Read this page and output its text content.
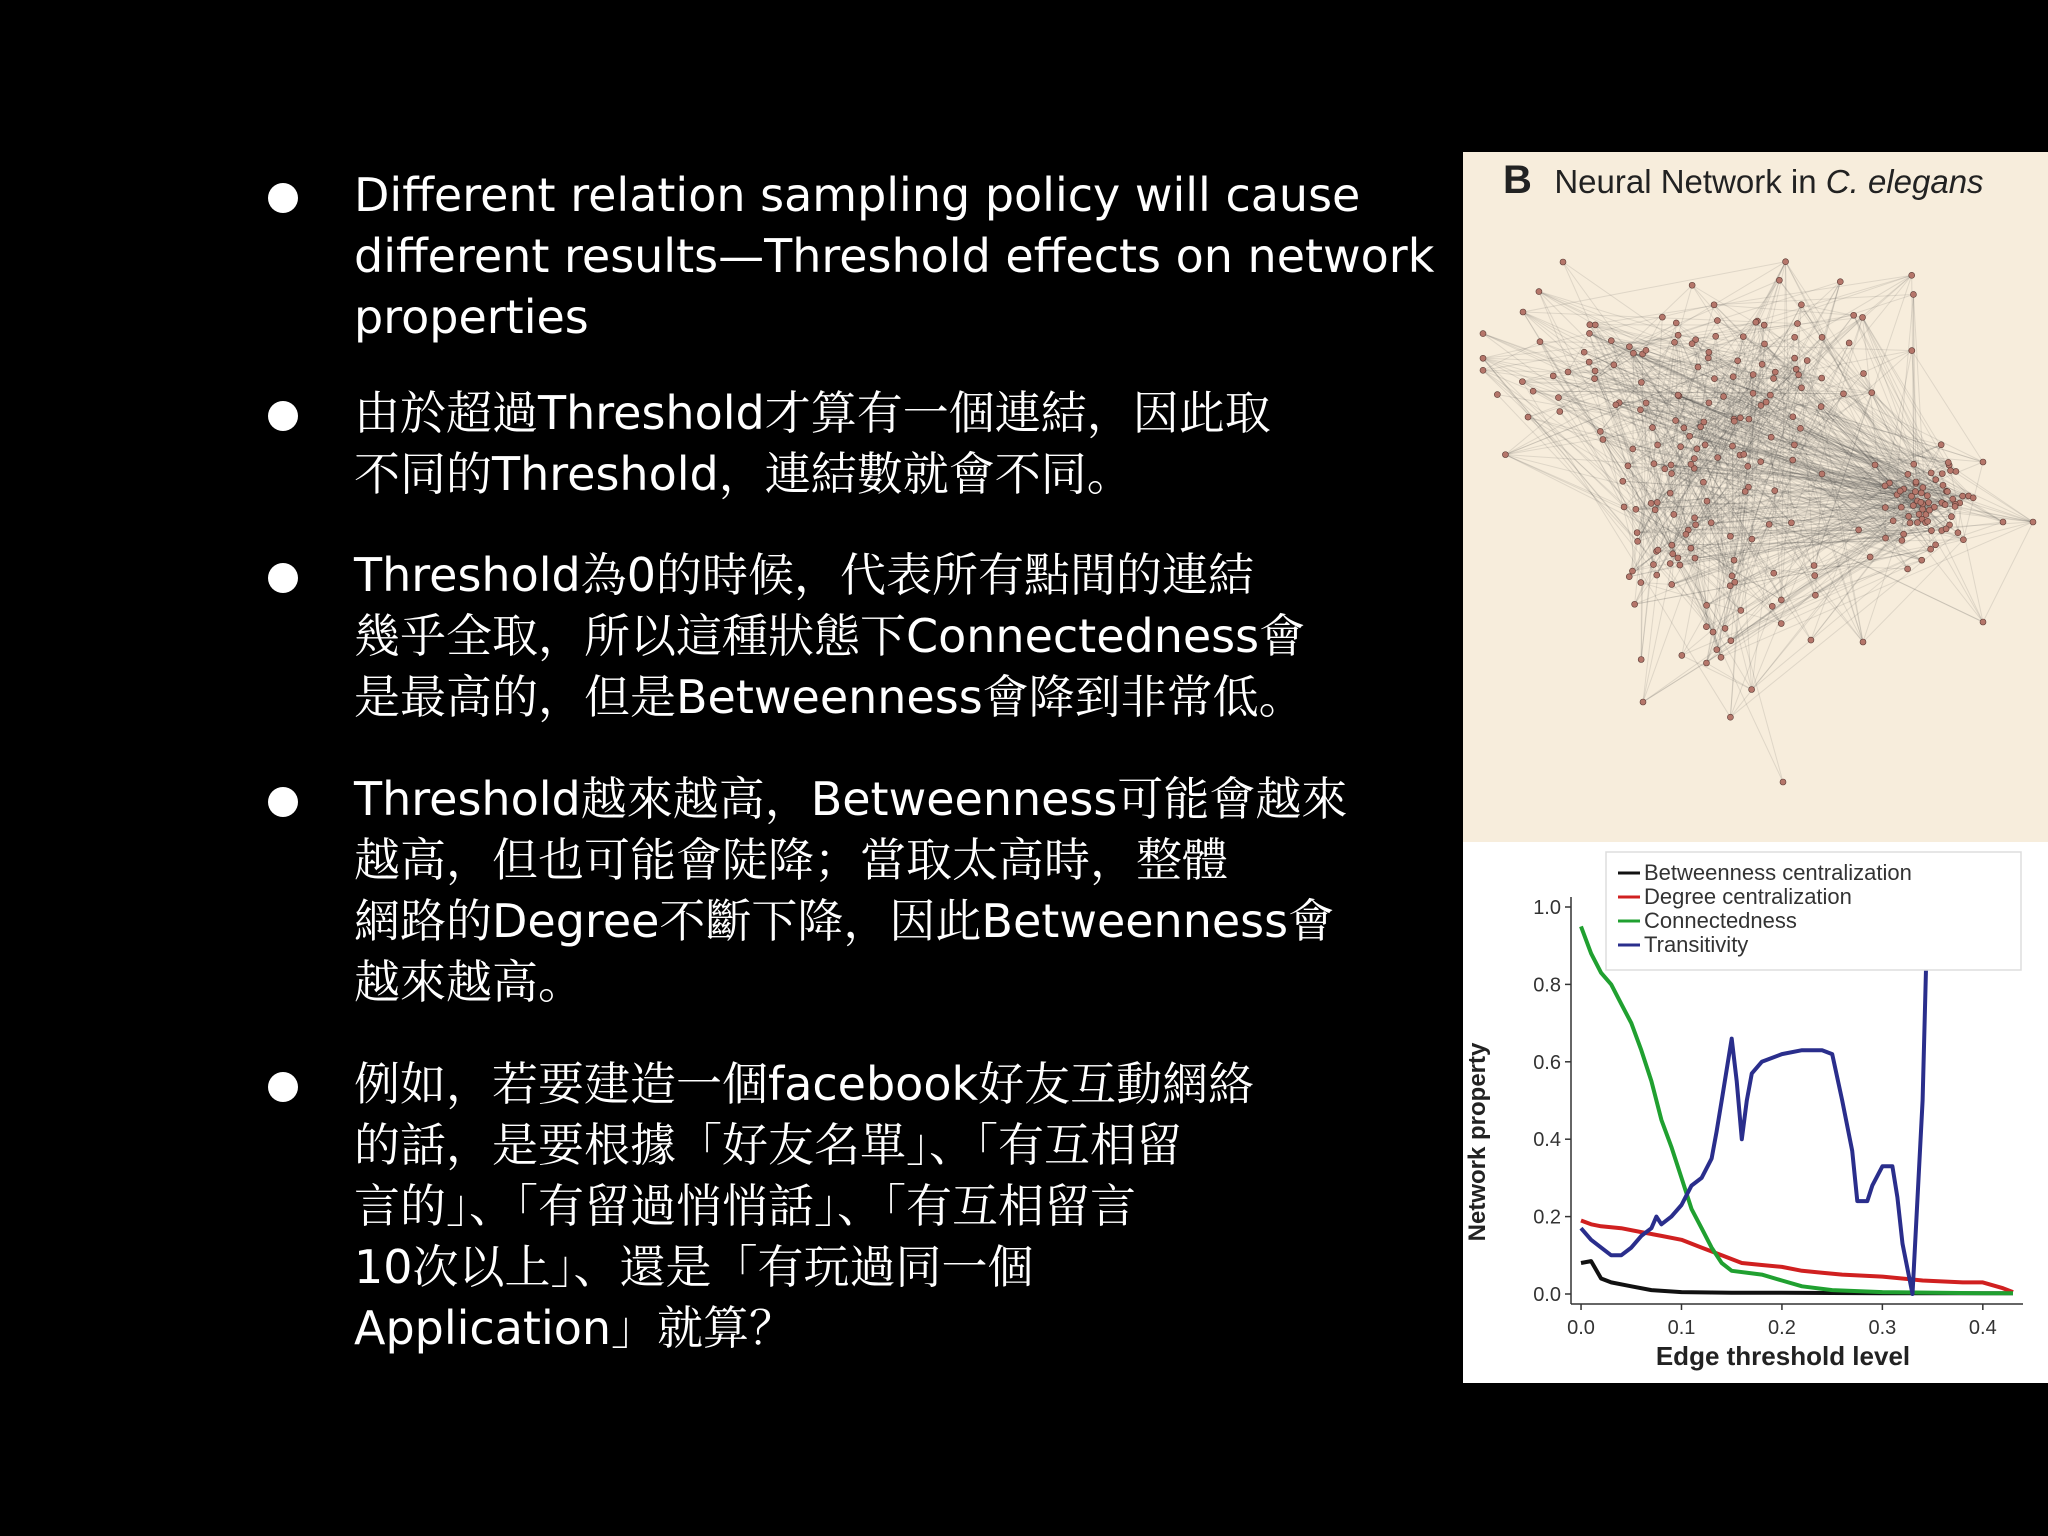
Different relation sampling policy will cause
different results—Threshold effects on network
properties
由於超過Threshold才算有一個連結，因此取
不同的Threshold，連結數就會不同。
Threshold為0的時候，代表所有點間的連結
幾乎全取，所以這種狀態下Connectedness會
是最高的，但是Betweenness會降到非常低。
Threshold越來越高，Betweenness可能會越來
越高，但也可能會陡降；當取太高時，整體
網路的Degree不斷下降，因此Betweenness會
越來越高。
例如，若要建造一個facebook好友互動網絡
的話，是要根據「好友名單」、「有互相留
言的」、「有留過悄悄話」、「有互相留言
10次以上」、還是「有玩過同一個
Application」就算？
B Neural Network in C. elegans
0.0
0.2
0.4
0.6
0.8
1.0
0.0	0.1	0.2	0.3	0.4
Betweenness centralization
Degree centralization
Connectedness
Transitivity
Edge threshold level
Network property
